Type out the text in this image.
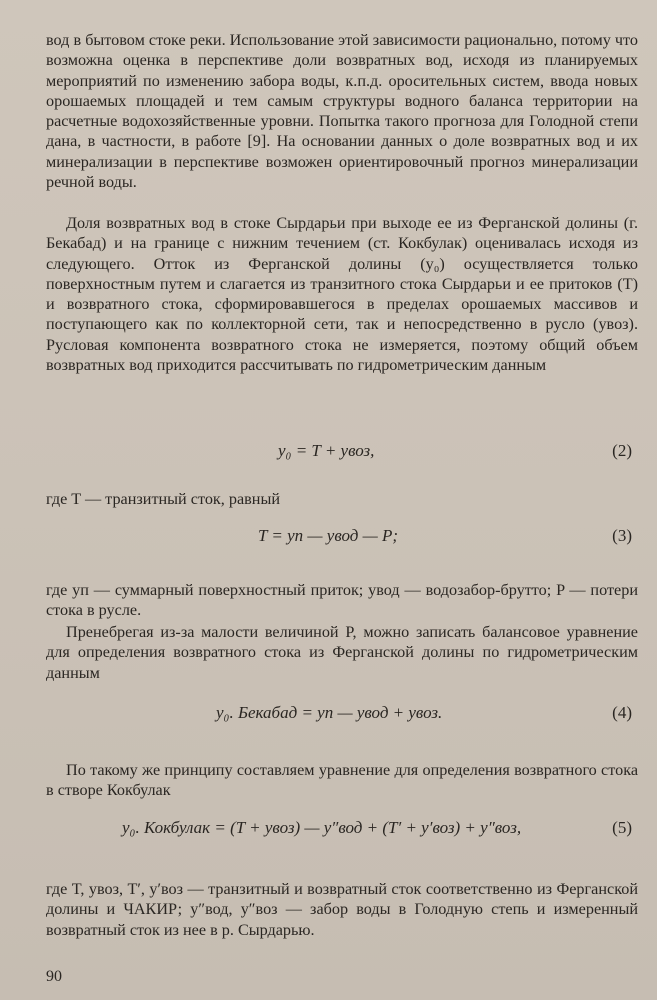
вод в бытовом стоке реки. Использование этой зависимости рационально, потому что возможна оценка в перспективе доли возвратных вод, исходя из планируемых мероприятий по изменению забора воды, к.п.д. оросительных систем, ввода новых орошаемых площадей и тем самым структуры водного баланса территории на расчетные водохозяйственные уровни. Попытка такого прогноза для Голодной степи дана, в частности, в работе [9]. На основании данных о доле возвратных вод и их минерализации в перспективе возможен ориентировочный прогноз минерализации речной воды.

Доля возвратных вод в стоке Сырдарьи при выходе ее из Ферганской долины (г. Бекабад) и на границе с нижним течением (ст. Кокбулак) оценивалась исходя из следующего. Отток из Ферганской долины (y₀) осуществляется только поверхностным путем и слагается из транзитного стока Сырдарьи и ее притоков (T) и возвратного стока, сформировавшегося в пределах орошаемых массивов и поступающего как по коллекторной сети, так и непосредственно в русло (yвоз). Русловая компонента возвратного стока не измеряется, поэтому общий объем возвратных вод приходится рассчитывать по гидрометрическим данным

y₀ = T + yвоз,	(2)

где T — транзитный сток, равный

T = yп — yвод — P;	(3)

где yп — суммарный поверхностный приток; yвод — водозабор-брутто; P — потери стока в русле.

Пренебрегая из-за малости величиной P, можно записать балансовое уравнение для определения возвратного стока из Ферганской долины по гидрометрическим данным

y₀. Бекабад = yп — yвод + yвоз.	(4)

По такому же принципу составляем уравнение для определения возвратного стока в створе Кокбулак

y₀. Кокбулак = (T + yвоз) — y″вод + (T′ + y′воз) + y″воз,	(5)

где T, yвоз, T′, y′воз — транзитный и возвратный сток соответственно из Ферганской долины и ЧАКИР; y″вод, y″воз — забор воды в Голодную степь и измеренный возвратный сток из нее в р. Сырдарью.

90
